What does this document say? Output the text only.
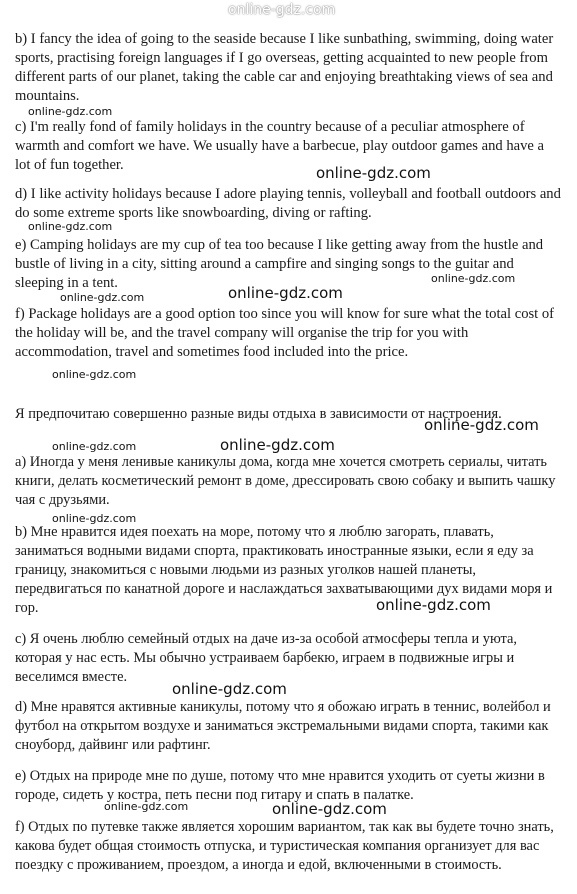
online-gdz.com
b) I fancy the idea of going to the seaside because I like sunbathing, swimming, doing water sports, practising foreign languages if I go overseas, getting acquainted to new people from different parts of our planet, taking the cable car and enjoying breathtaking views of sea and mountains.
c) I'm really fond of family holidays in the country because of a peculiar atmosphere of warmth and comfort we have. We usually have a barbecue, play outdoor games and have a lot of fun together.
d) I like activity holidays because I adore playing tennis, volleyball and football outdoors and do some extreme sports like snowboarding, diving or rafting.
e) Camping holidays are my cup of tea too because I like getting away from the hustle and bustle of living in a city, sitting around a campfire and singing songs to the guitar and sleeping in a tent.
f) Package holidays are a good option too since you will know for sure what the total cost of the holiday will be, and the travel company will organise the trip for you with accommodation, travel and sometimes food included into the price.
Я предпочитаю совершенно разные виды отдыха в зависимости от настроения.
a) Иногда у меня ленивые каникулы дома, когда мне хочется смотреть сериалы, читать книги, делать косметический ремонт в доме, дрессировать свою собаку и выпить чашку чая с друзьями.
b) Мне нравится идея поехать на море, потому что я люблю загорать, плавать, заниматься водными видами спорта, практиковать иностранные языки, если я еду за границу, знакомиться с новыми людьми из разных уголков нашей планеты, передвигаться по канатной дороге и наслаждаться захватывающими дух видами моря и гор.
c) Я очень люблю семейный отдых на даче из-за особой атмосферы тепла и уюта, которая у нас есть. Мы обычно устраиваем барбекю, играем в подвижные игры и веселимся вместе.
d) Мне нравятся активные каникулы, потому что я обожаю играть в теннис, волейбол и футбол на открытом воздухе и заниматься экстремальными видами спорта, такими как сноуборд, дайвинг или рафтинг.
e) Отдых на природе мне по душе, потому что мне нравится уходить от суеты жизни в городе, сидеть у костра, петь песни под гитару и спать в палатке.
f) Отдых по путевке также является хорошим вариантом, так как вы будете точно знать, какова будет общая стоимость отпуска, и туристическая компания организует для вас поездку с проживанием, проездом, а иногда и едой, включенными в стоимость.
online-gdz.com
online-gdz.com
online-gdz.com
online-gdz.com
online-gdz.com
online-gdz.com
online-gdz.com
online-gdz.com
online-gdz.com
online-gdz.com
online-gdz.com
online-gdz.com
online-gdz.com
online-gdz.com	online-gdz.com
